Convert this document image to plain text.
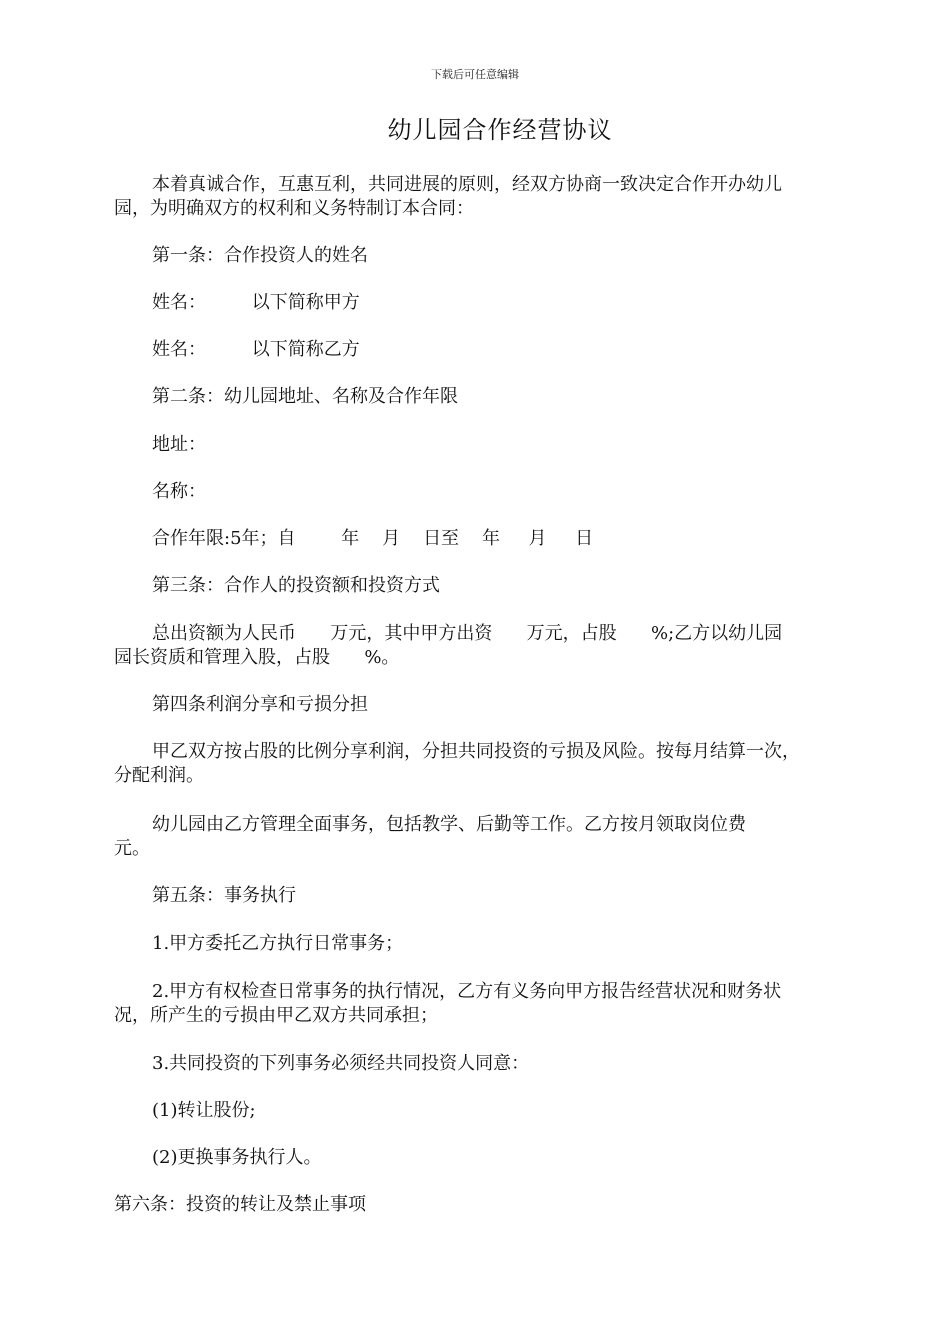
下载后可任意编辑
幼儿园合作经营协议
本着真诚合作，互惠互利，共同进展的原则，经双方协商一致决定合作开办幼儿
园，为明确双方的权利和义务特制订本合同：
第一条：合作投资人的姓名
姓名：        以下简称甲方
姓名：        以下简称乙方
第二条：幼儿园地址、名称及合作年限
地址：
名称：
合作年限:5年；自        年    月    日至    年     月     日
第三条：合作人的投资额和投资方式
总出资额为人民币      万元，其中甲方出资      万元，占股      %;乙方以幼儿园
园长资质和管理入股，占股      %。
第四条利润分享和亏损分担
甲乙双方按占股的比例分享利润，分担共同投资的亏损及风险。按每月结算一次，
分配利润。
幼儿园由乙方管理全面事务，包括教学、后勤等工作。乙方按月领取岗位费
元。
第五条：事务执行
1.甲方委托乙方执行日常事务；
2.甲方有权检查日常事务的执行情况，乙方有义务向甲方报告经营状况和财务状
况，所产生的亏损由甲乙双方共同承担；
3.共同投资的下列事务必须经共同投资人同意：
(1)转让股份;
(2)更换事务执行人。
第六条：投资的转让及禁止事项
